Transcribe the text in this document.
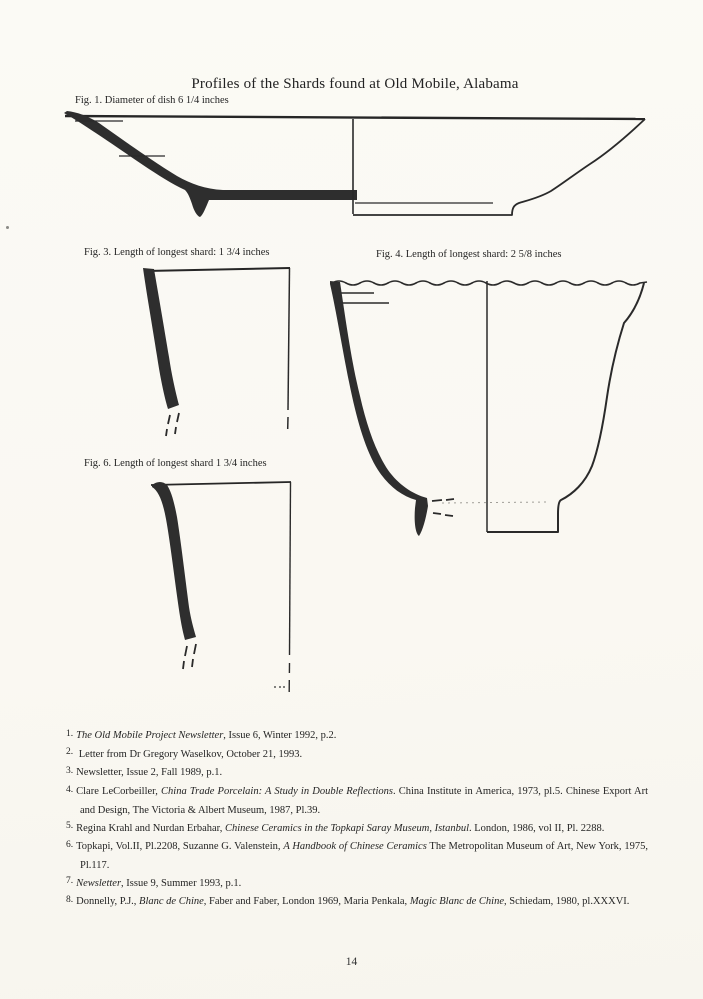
Profiles of the Shards found at Old Mobile, Alabama
Fig. 1. Diameter of dish 6 1/4 inches
Fig. 3. Length of longest shard: 1 3/4 inches	Fig. 4. Length of longest shard: 2 5/8 inches
Fig. 6. Length of longest shard 1 3/4 inches

1. The Old Mobile Project Newsletter, Issue 6, Winter 1992, p.2.

2. Letter from Dr Gregory Waselkov, October 21, 1993.

3. Newsletter, Issue 2, Fall 1989, p.1.

4. Clare LeCorbeiller, China Trade Porcelain: A Study in Double Reflections. China Institute in America, 1973, pl.5. Chinese Export Art and Design, The Victoria & Albert Museum, 1987, Pl.39.

5. Regina Krahl and Nurdan Erbahar, Chinese Ceramics in the Topkapi Saray Museum, Istanbul. London, 1986, vol II, Pl. 2288.

6. Topkapi, Vol.II, Pl.2208, Suzanne G. Valenstein, A Handbook of Chinese Ceramics The Metropolitan Museum of Art, New York, 1975, Pl.117.

7. Newsletter, Issue 9, Summer 1993, p.1.

8. Donnelly, P.J., Blanc de Chine, Faber and Faber, London 1969, Maria Penkala, Magic Blanc de Chine, Schiedam, 1980, pl.XXXVI.

14
